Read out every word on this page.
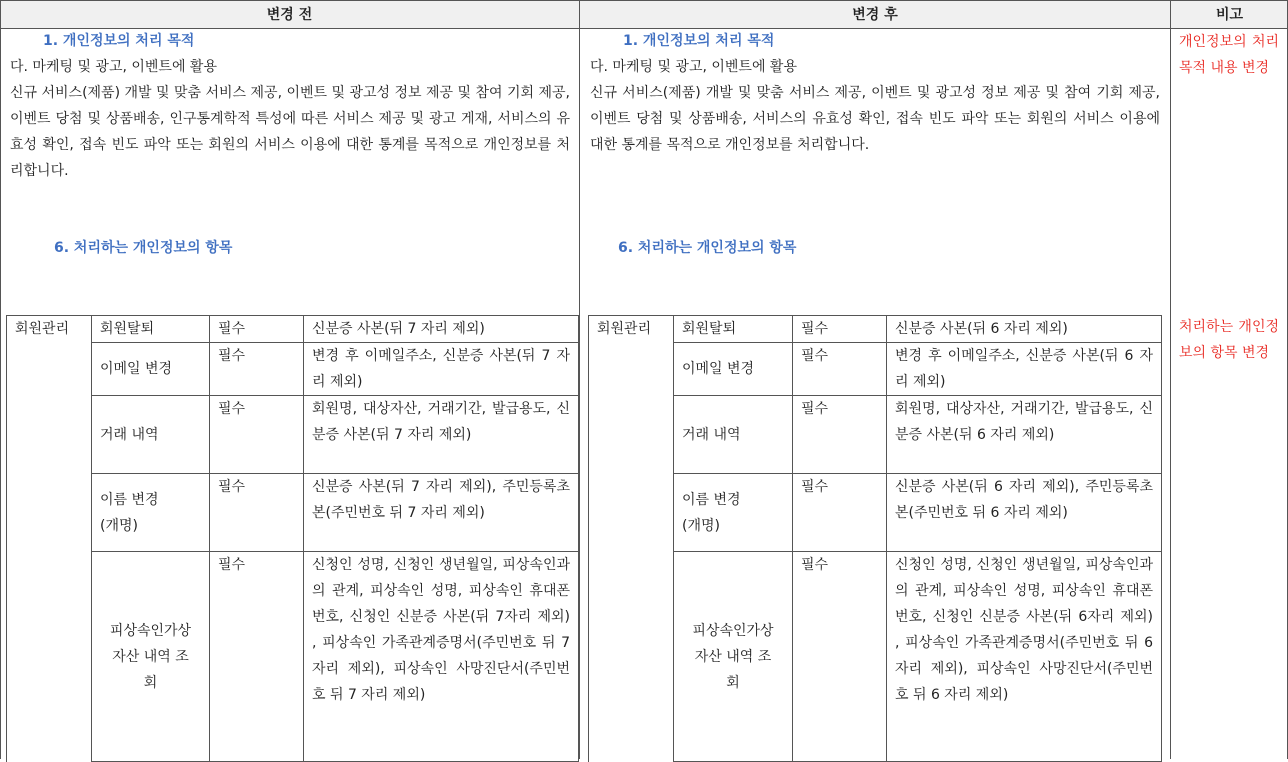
변경 전	변경 후	비고
1. 개인정보의 처리 목적
다. 마케팅 및 광고, 이벤트에 활용
신규 서비스(제품) 개발 및 맞춤 서비스 제공, 이벤트 및 광고성 정보 제공 및 참여 기회 제공, 이벤트 당첨 및 상품배송, 인구통계학적 특성에 따른 서비스 제공 및 광고 게재, 서비스의 유효성 확인, 접속 빈도 파악 또는 회원의 서비스 이용에 대한 통계를 목적으로 개인정보를 처리합니다.
6. 처리하는 개인정보의 항목
회원관리	회원탈퇴	필수	신분증 사본(뒤 7 자리 제외)
	이메일 변경	필수	변경 후 이메일주소, 신분증 사본(뒤 7 자리 제외)
	거래 내역	필수	회원명, 대상자산, 거래기간, 발급용도, 신분증 사본(뒤 7 자리 제외)
	이름 변경(개명)	필수	신분증 사본(뒤 7 자리 제외), 주민등록초본(주민번호 뒤 7 자리 제외)
	피상속인가상 자산 내역 조회	필수	신청인 성명, 신청인 생년월일, 피상속인과의 관계, 피상속인 성명, 피상속인 휴대폰번호, 신청인 신분증 사본(뒤 7자리 제외) , 피상속인 가족관계증명서(주민번호 뒤 7자리 제외), 피상속인 사망진단서(주민번호 뒤 7 자리 제외)
1. 개인정보의 처리 목적
다. 마케팅 및 광고, 이벤트에 활용
신규 서비스(제품) 개발 및 맞춤 서비스 제공, 이벤트 및 광고성 정보 제공 및 참여 기회 제공, 이벤트 당첨 및 상품배송, 서비스의 유효성 확인, 접속 빈도 파악 또는 회원의 서비스 이용에 대한 통계를 목적으로 개인정보를 처리합니다.
6. 처리하는 개인정보의 항목
회원관리	회원탈퇴	필수	신분증 사본(뒤 6 자리 제외)
	이메일 변경	필수	변경 후 이메일주소, 신분증 사본(뒤 6 자리 제외)
	거래 내역	필수	회원명, 대상자산, 거래기간, 발급용도, 신분증 사본(뒤 6 자리 제외)
	이름 변경(개명)	필수	신분증 사본(뒤 6 자리 제외), 주민등록초본(주민번호 뒤 6 자리 제외)
	피상속인가상 자산 내역 조회	필수	신청인 성명, 신청인 생년월일, 피상속인과의 관계, 피상속인 성명, 피상속인 휴대폰번호, 신청인 신분증 사본(뒤 6자리 제외) , 피상속인 가족관계증명서(주민번호 뒤 6자리 제외), 피상속인 사망진단서(주민번호 뒤 6 자리 제외)
개인정보의 처리 목적 내용 변경
처리하는 개인정보의 항목 변경
